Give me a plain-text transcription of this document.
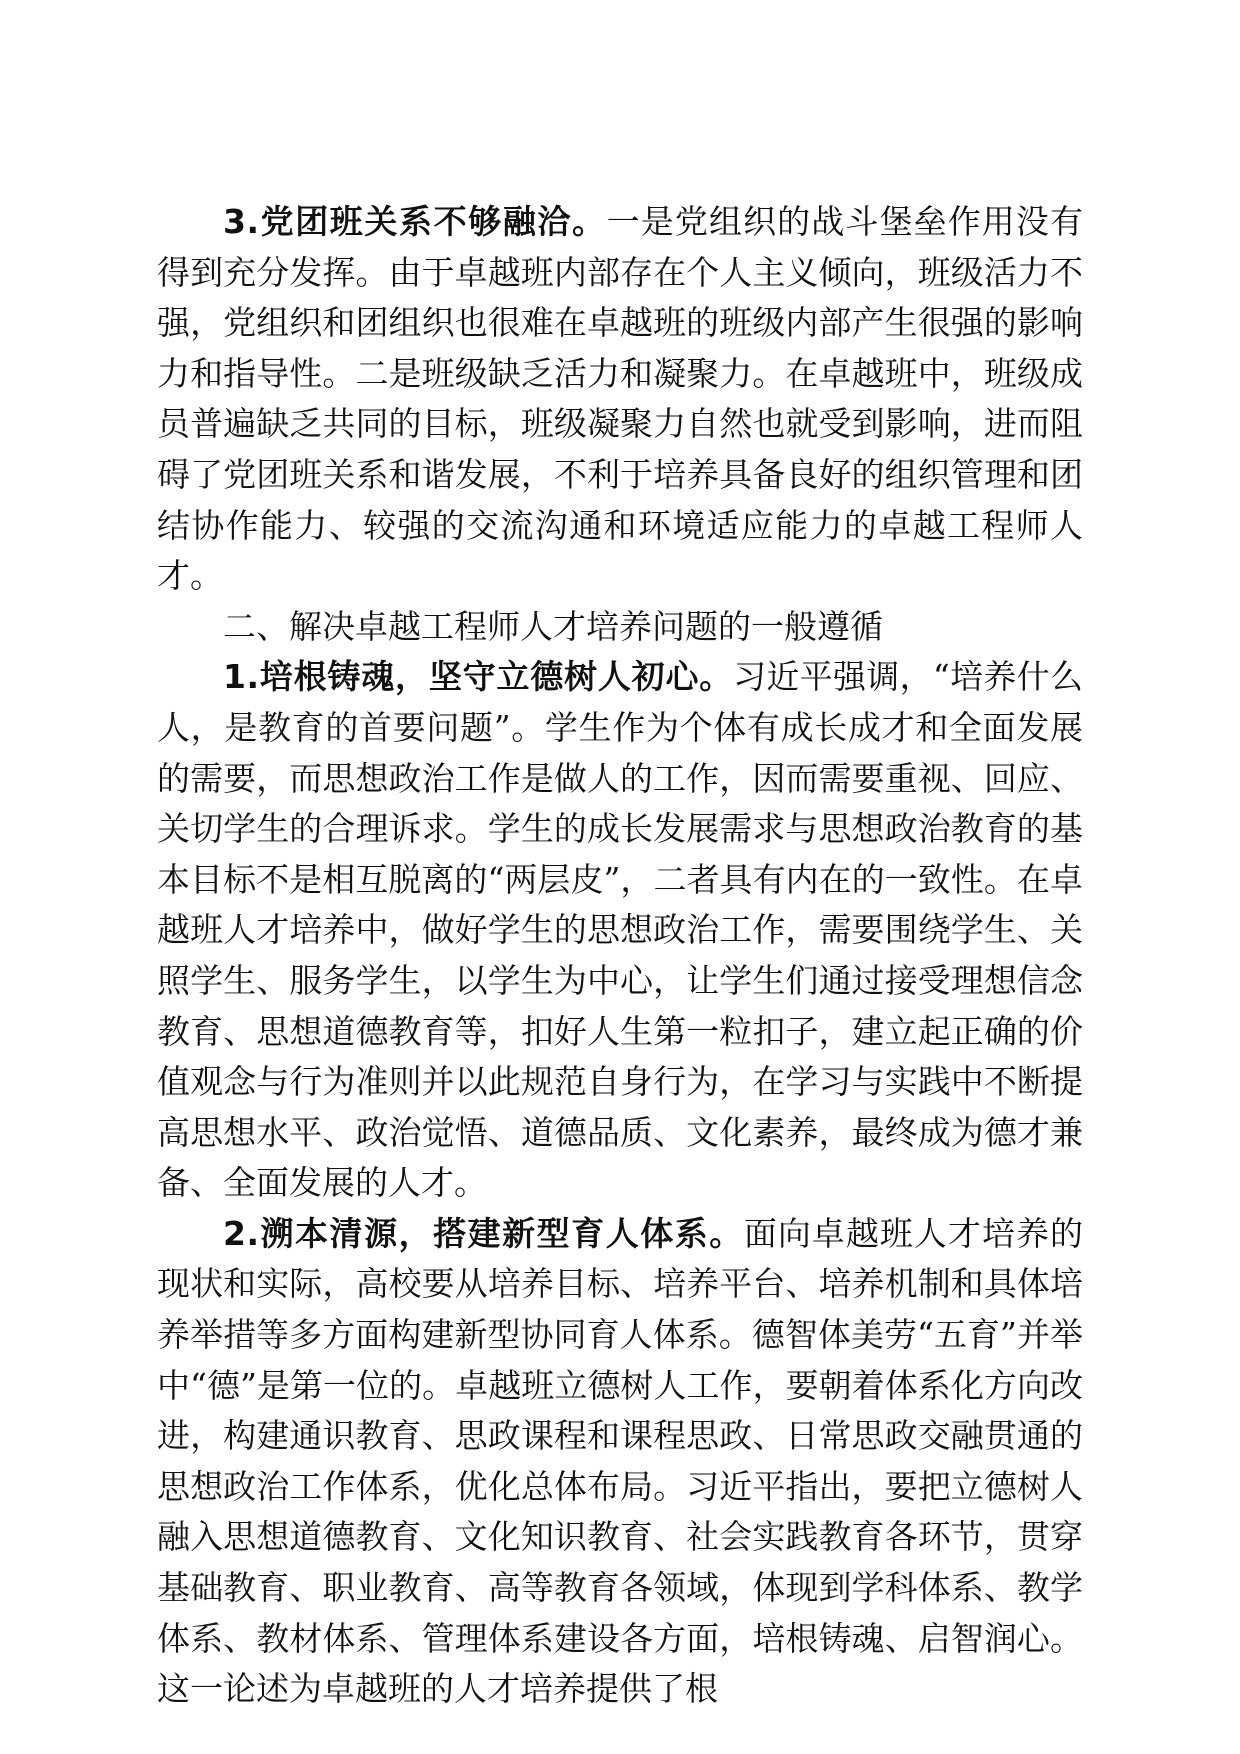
3.党团班关系不够融洽。一是党组织的战斗堡垒作用没有得到充分发挥。由于卓越班内部存在个人主义倾向，班级活力不强，党组织和团组织也很难在卓越班的班级内部产生很强的影响力和指导性。二是班级缺乏活力和凝聚力。在卓越班中，班级成员普遍缺乏共同的目标，班级凝聚力自然也就受到影响，进而阻碍了党团班关系和谐发展，不利于培养具备良好的组织管理和团结协作能力、较强的交流沟通和环境适应能力的卓越工程师人才。

二、解决卓越工程师人才培养问题的一般遵循

1.培根铸魂，坚守立德树人初心。习近平强调，“培养什么人，是教育的首要问题”。学生作为个体有成长成才和全面发展的需要，而思想政治工作是做人的工作，因而需要重视、回应、关切学生的合理诉求。学生的成长发展需求与思想政治教育的基本目标不是相互脱离的“两层皮”，二者具有内在的一致性。在卓越班人才培养中，做好学生的思想政治工作，需要围绕学生、关照学生、服务学生，以学生为中心，让学生们通过接受理想信念教育、思想道德教育等，扣好人生第一粒扣子，建立起正确的价值观念与行为准则并以此规范自身行为，在学习与实践中不断提高思想水平、政治觉悟、道德品质、文化素养，最终成为德才兼备、全面发展的人才。

2.溯本清源，搭建新型育人体系。面向卓越班人才培养的现状和实际，高校要从培养目标、培养平台、培养机制和具体培养举措等多方面构建新型协同育人体系。德智体美劳“五育”并举中“德”是第一位的。卓越班立德树人工作，要朝着体系化方向改进，构建通识教育、思政课程和课程思政、日常思政交融贯通的思想政治工作体系，优化总体布局。习近平指出，要把立德树人融入思想道德教育、文化知识教育、社会实践教育各环节，贯穿基础教育、职业教育、高等教育各领域，体现到学科体系、教学体系、教材体系、管理体系建设各方面，培根铸魂、启智润心。这一论述为卓越班的人才培养提供了根
